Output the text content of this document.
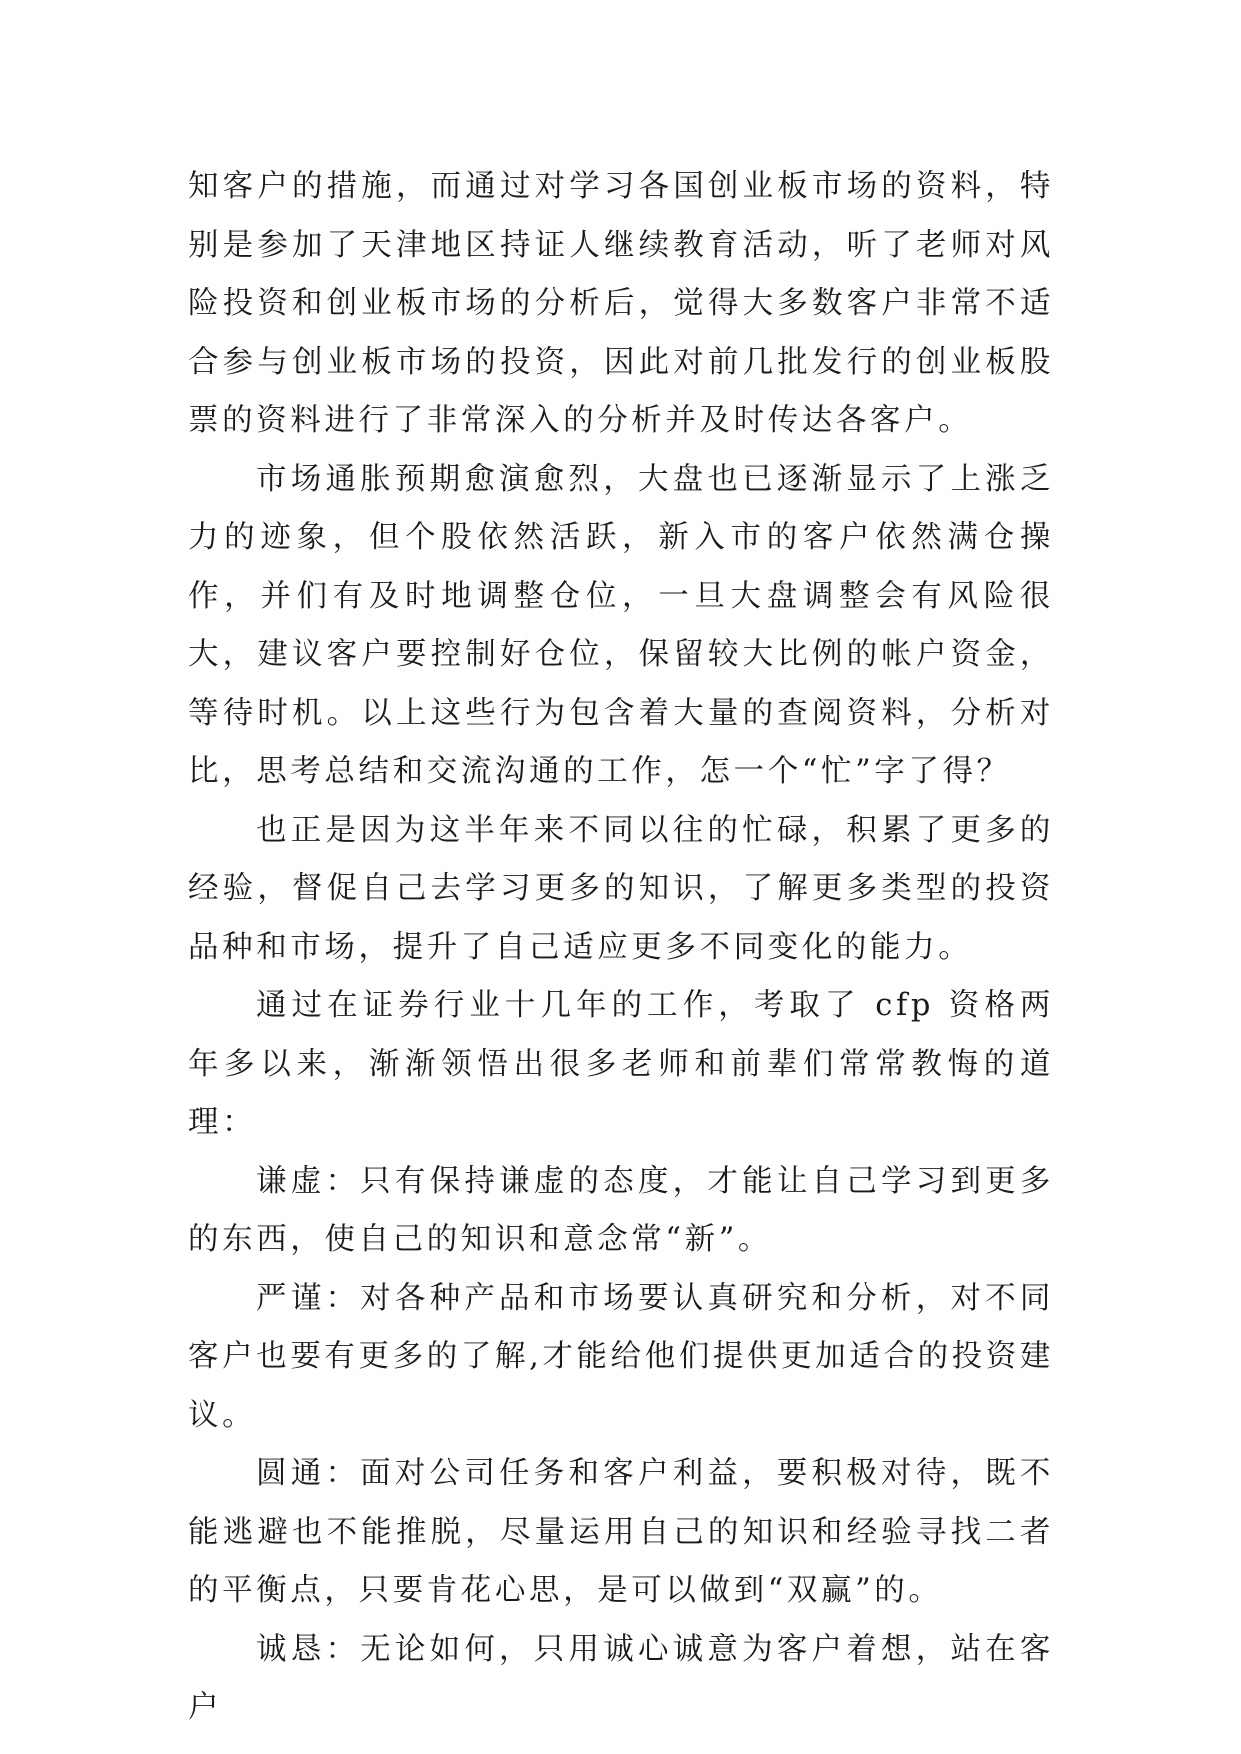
知客户的措施，而通过对学习各国创业板市场的资料，特别是参加了天津地区持证人继续教育活动，听了老师对风险投资和创业板市场的分析后，觉得大多数客户非常不适合参与创业板市场的投资，因此对前几批发行的创业板股票的资料进行了非常深入的分析并及时传达各客户。

市场通胀预期愈演愈烈，大盘也已逐渐显示了上涨乏力的迹象，但个股依然活跃，新入市的客户依然满仓操作，并们有及时地调整仓位，一旦大盘调整会有风险很大，建议客户要控制好仓位，保留较大比例的帐户资金，等待时机。以上这些行为包含着大量的查阅资料，分析对比，思考总结和交流沟通的工作，怎一个“忙”字了得？

也正是因为这半年来不同以往的忙碌，积累了更多的经验，督促自己去学习更多的知识，了解更多类型的投资品种和市场，提升了自己适应更多不同变化的能力。

通过在证券行业十几年的工作，考取了 cfp 资格两年多以来，渐渐领悟出很多老师和前辈们常常教悔的道理：

谦虚：只有保持谦虚的态度，才能让自己学习到更多的东西，使自己的知识和意念常“新”。

严谨：对各种产品和市场要认真研究和分析，对不同客户也要有更多的了解,才能给他们提供更加适合的投资建议。

圆通：面对公司任务和客户利益，要积极对待，既不能逃避也不能推脱，尽量运用自己的知识和经验寻找二者的平衡点，只要肯花心思，是可以做到“双赢”的。

诚恳：无论如何，只用诚心诚意为客户着想，站在客户
